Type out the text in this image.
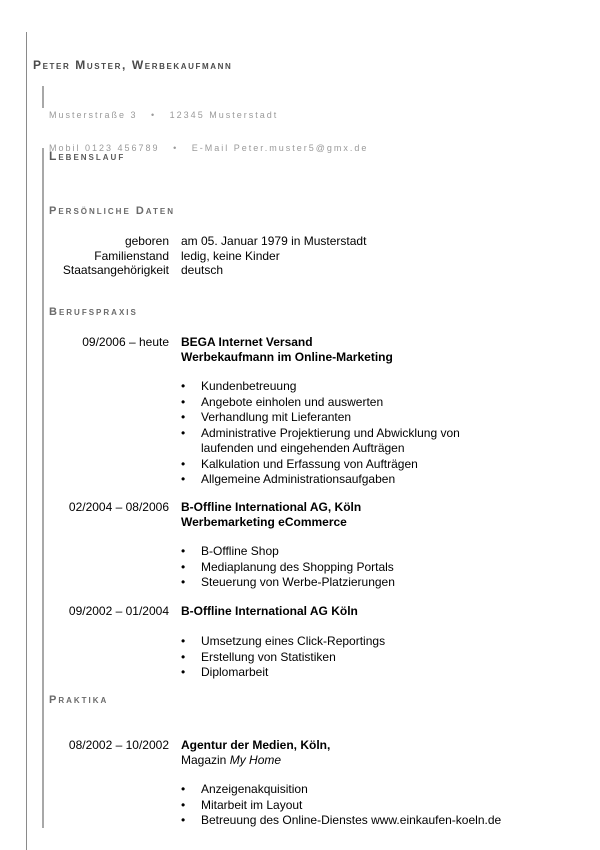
Peter Muster, Werbekaufmann

Musterstraße 3   •   12345 Musterstadt

Mobil 0123 456789   •   E-Mail Peter.muster5@gmx.de

Lebenslauf
Persönliche Daten
geboren am 05. Januar 1979 in Musterstadt
Familienstand ledig, keine Kinder
Staatsangehörigkeit deutsch
Berufspraxis
09/2006 – heute BEGA Internet Versand
Werbekaufmann im Online-Marketing
• Kundenbetreuung
• Angebote einholen und auswerten
• Verhandlung mit Lieferanten
• Administrative Projektierung und Abwicklung von
laufenden und eingehenden Aufträgen
• Kalkulation und Erfassung von Aufträgen
• Allgemeine Administrationsaufgaben
02/2004 – 08/2006 B-Offline International AG, Köln
Werbemarketing eCommerce
• B-Offline Shop
• Mediaplanung des Shopping Portals
• Steuerung von Werbe-Platzierungen
09/2002 – 01/2004 B-Offline International AG Köln
• Umsetzung eines Click-Reportings
• Erstellung von Statistiken
• Diplomarbeit
Praktika
08/2002 – 10/2002 Agentur der Medien, Köln,
Magazin My Home
• Anzeigenakquisition
• Mitarbeit im Layout
• Betreuung des Online-Dienstes www.einkaufen-koeln.de
